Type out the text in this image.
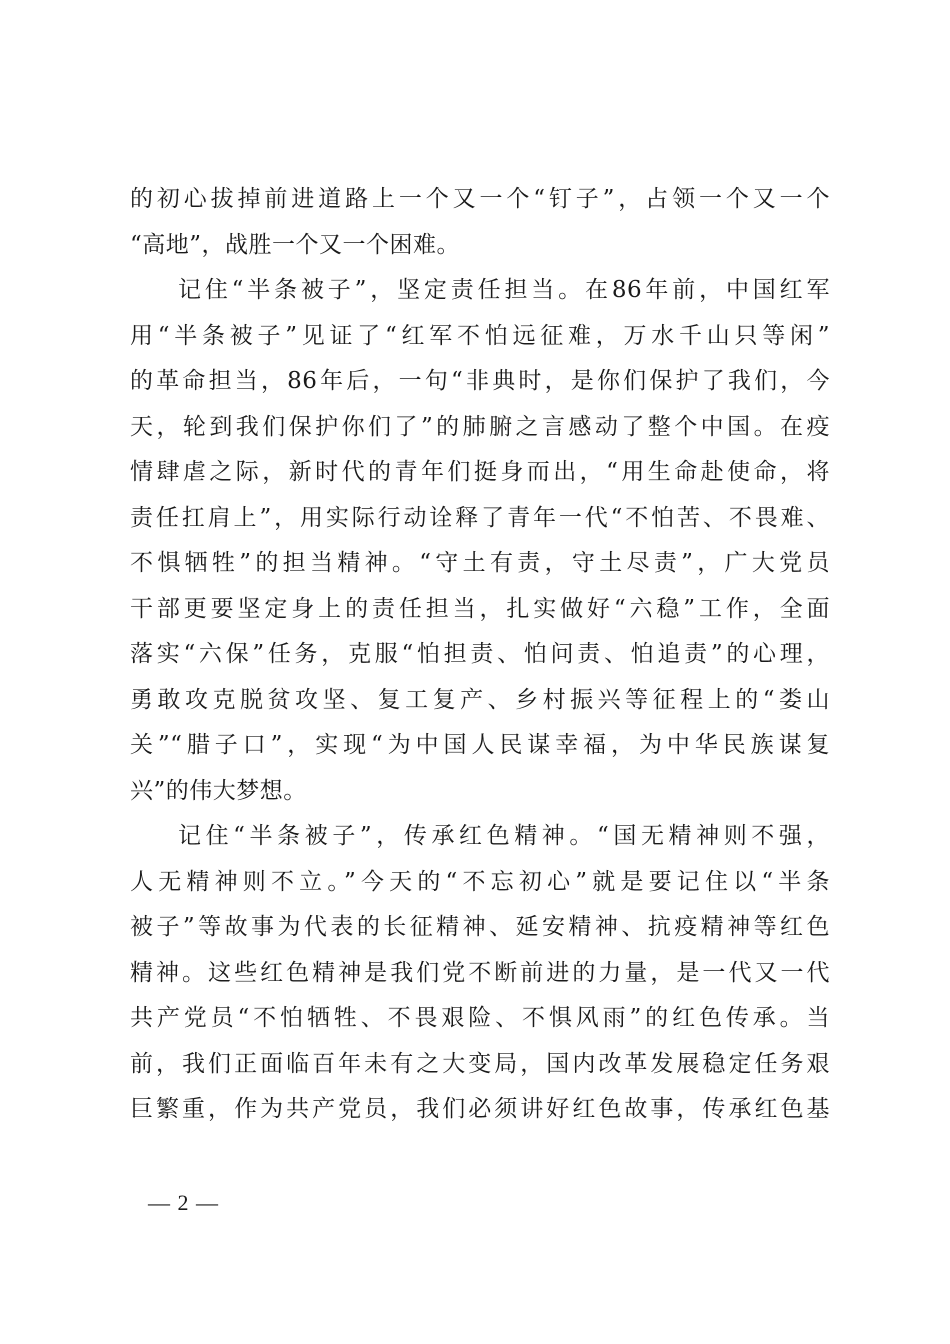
的初心拔掉前进道路上一个又一个“钉子”，占领一个又一个
“高地”，战胜一个又一个困难。
记住“半条被子”，坚定责任担当。在86年前，中国红军
用“半条被子”见证了“红军不怕远征难，万水千山只等闲”
的革命担当，86年后，一句“非典时，是你们保护了我们，今
天，轮到我们保护你们了”的肺腑之言感动了整个中国。在疫
情肆虐之际，新时代的青年们挺身而出，“用生命赴使命，将
责任扛肩上”，用实际行动诠释了青年一代“不怕苦、不畏难、
不惧牺牲”的担当精神。“守土有责，守土尽责”，广大党员
干部更要坚定身上的责任担当，扎实做好“六稳”工作，全面
落实“六保”任务，克服“怕担责、怕问责、怕追责”的心理，
勇敢攻克脱贫攻坚、复工复产、乡村振兴等征程上的“娄山
关”“腊子口”，实现“为中国人民谋幸福，为中华民族谋复
兴”的伟大梦想。
记住“半条被子”，传承红色精神。“国无精神则不强，
人无精神则不立。”今天的“不忘初心”就是要记住以“半条
被子”等故事为代表的长征精神、延安精神、抗疫精神等红色
精神。这些红色精神是我们党不断前进的力量，是一代又一代
共产党员“不怕牺牲、不畏艰险、不惧风雨”的红色传承。当
前，我们正面临百年未有之大变局，国内改革发展稳定任务艰
巨繁重，作为共产党员，我们必须讲好红色故事，传承红色基
— 2 —
